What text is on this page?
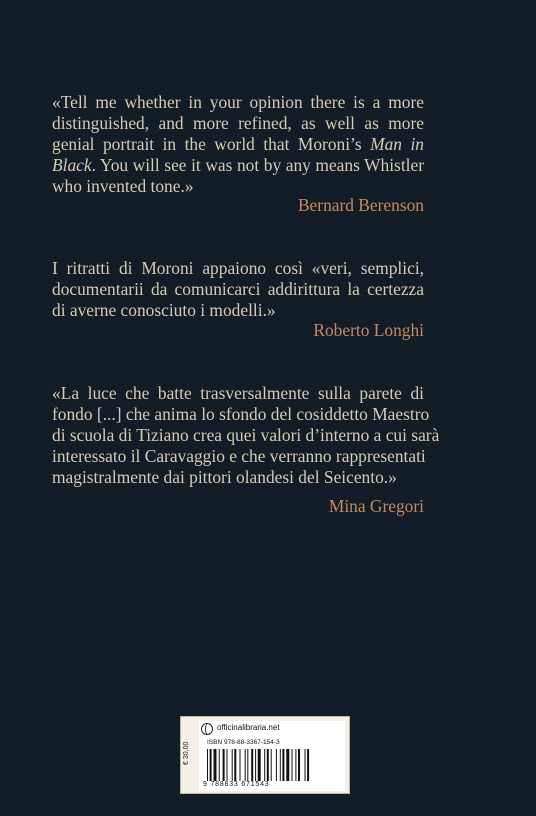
«Tell me whether in your opinion there is a more
distinguished, and more refined, as well as more
genial portrait in the world that Moroni’s Man in
Black. You will see it was not by any means Whistler
who invented tone.»

Bernard Berenson

I ritratti di Moroni appaiono così «veri, semplici,
documentarii da comunicarci addirittura la certezza
di averne conosciuto i modelli.»

Roberto Longhi

«La luce che batte trasversalmente sulla parete di
fondo [...] che anima lo sfondo del cosiddetto Maestro
di scuola di Tiziano crea quei valori d’interno a cui sarà
interessato il Caravaggio e che verranno rappresentati
magistralmente dai pittori olandesi del Seicento.»

Mina Gregori

€ 30,00
officinalibraria.net
ISBN 978-88-3367-154-3
9 788833 671543
